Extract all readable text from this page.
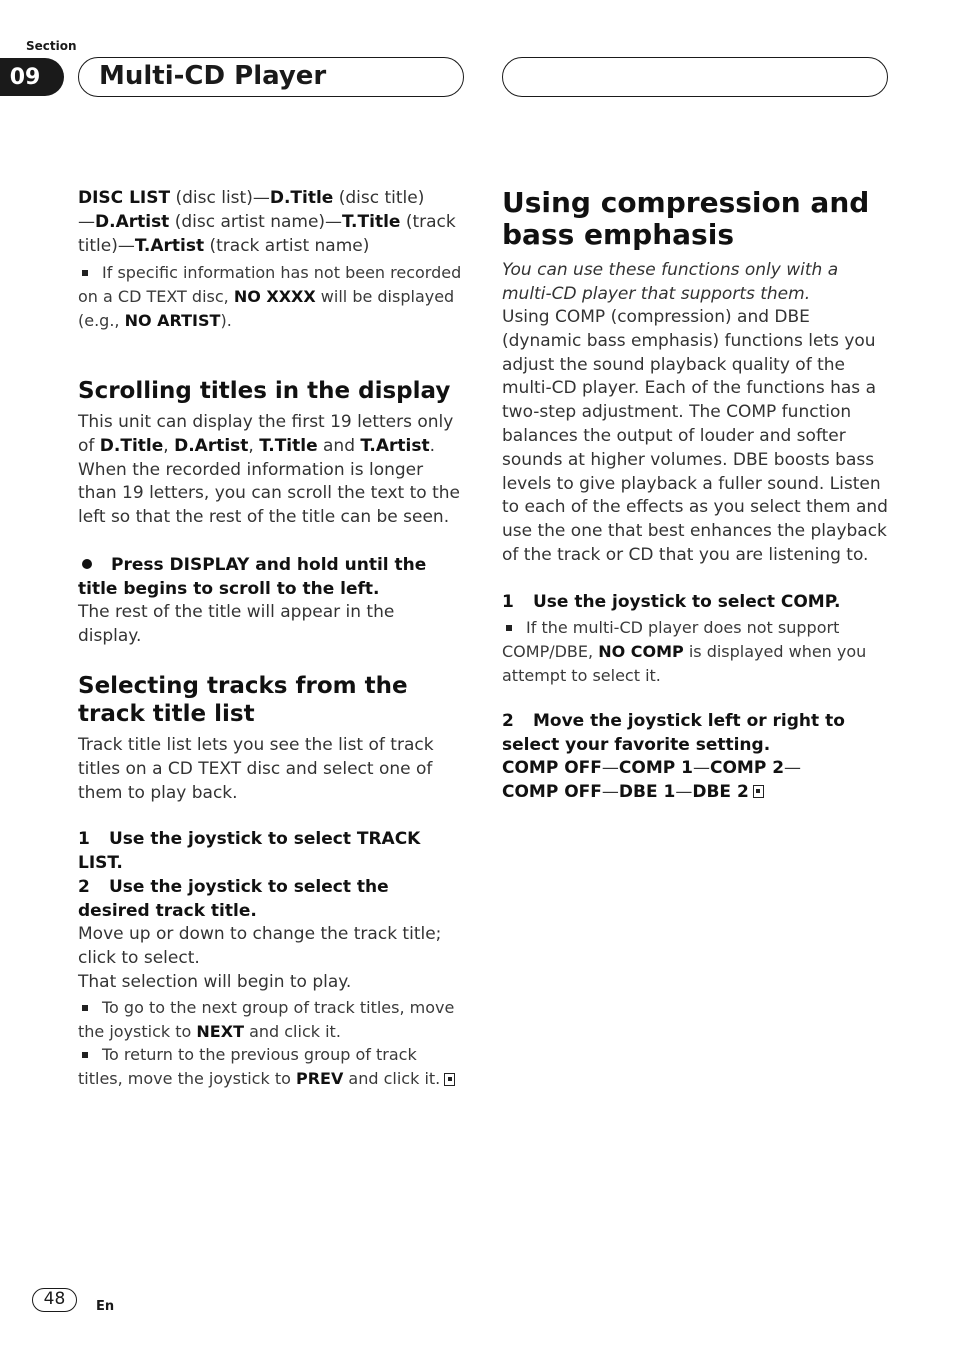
Section
09	Multi-CD Player

DISC LIST (disc list)—D.Title (disc title)
—D.Artist (disc artist name)—T.Title (track
title)—T.Artist (track artist name)

If specific information has not been recorded on a CD TEXT disc, NO XXXX will be displayed (e.g., NO ARTIST).

Scrolling titles in the display

This unit can display the first 19 letters only of D.Title, D.Artist, T.Title and T.Artist. When the recorded information is longer than 19 letters, you can scroll the text to the left so that the rest of the title can be seen.

Press DISPLAY and hold until the title begins to scroll to the left.

The rest of the title will appear in the display.

Selecting tracks from the track title list

Track title list lets you see the list of track titles on a CD TEXT disc and select one of them to play back.

1 Use the joystick to select TRACK LIST.

2 Use the joystick to select the desired track title.

Move up or down to change the track title; click to select.
That selection will begin to play.

To go to the next group of track titles, move the joystick to NEXT and click it.

To return to the previous group of track titles, move the joystick to PREV and click it.

Using compression and bass emphasis

You can use these functions only with a multi-CD player that supports them.

Using COMP (compression) and DBE (dynamic bass emphasis) functions lets you adjust the sound playback quality of the multi-CD player. Each of the functions has a two-step adjustment. The COMP function balances the output of louder and softer sounds at higher volumes. DBE boosts bass levels to give playback a fuller sound. Listen to each of the effects as you select them and use the one that best enhances the playback of the track or CD that you are listening to.

1 Use the joystick to select COMP.

If the multi-CD player does not support COMP/DBE, NO COMP is displayed when you attempt to select it.

2 Move the joystick left or right to select your favorite setting.

COMP OFF—COMP 1—COMP 2—
COMP OFF—DBE 1—DBE 2

48	En
